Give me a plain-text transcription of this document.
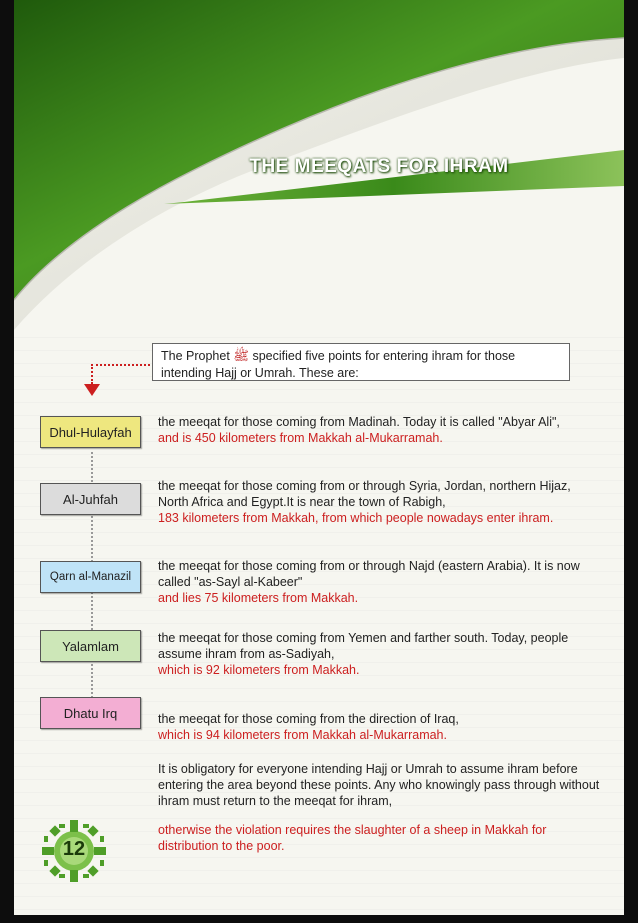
THE MEEQATS FOR IHRAM
The Prophet ﷺ specified five points for entering ihram for those intending Hajj or Umrah. These are:
Dhul-Hulayfah
Al-Juhfah
Qarn al-Manazil
Yalamlam
Dhatu Irq
the meeqat for those coming from Madinah. Today it is called "Abyar Ali",
and is 450 kilometers from Makkah al-Mukarramah.
the meeqat for those coming from or through Syria, Jordan, northern Hijaz, North Africa and Egypt.It is near the town of Rabigh,
183 kilometers from Makkah, from which people nowadays enter ihram.
the meeqat for those coming from or through Najd (eastern Arabia). It is now called "as-Sayl al-Kabeer"
and lies 75 kilometers from Makkah.
the meeqat for those coming from Yemen and farther south. Today, people assume ihram from as-Sadiyah,
which is 92 kilometers from Makkah.
the meeqat for those coming from the direction of Iraq,
which is 94 kilometers from Makkah al-Mukarramah.
It is obligatory for everyone intending Hajj or Umrah to assume ihram before entering the area beyond these points. Any who knowingly pass through without ihram must return to the meeqat for ihram,
otherwise the violation requires the slaughter of a sheep in Makkah for distribution to the poor.
12
